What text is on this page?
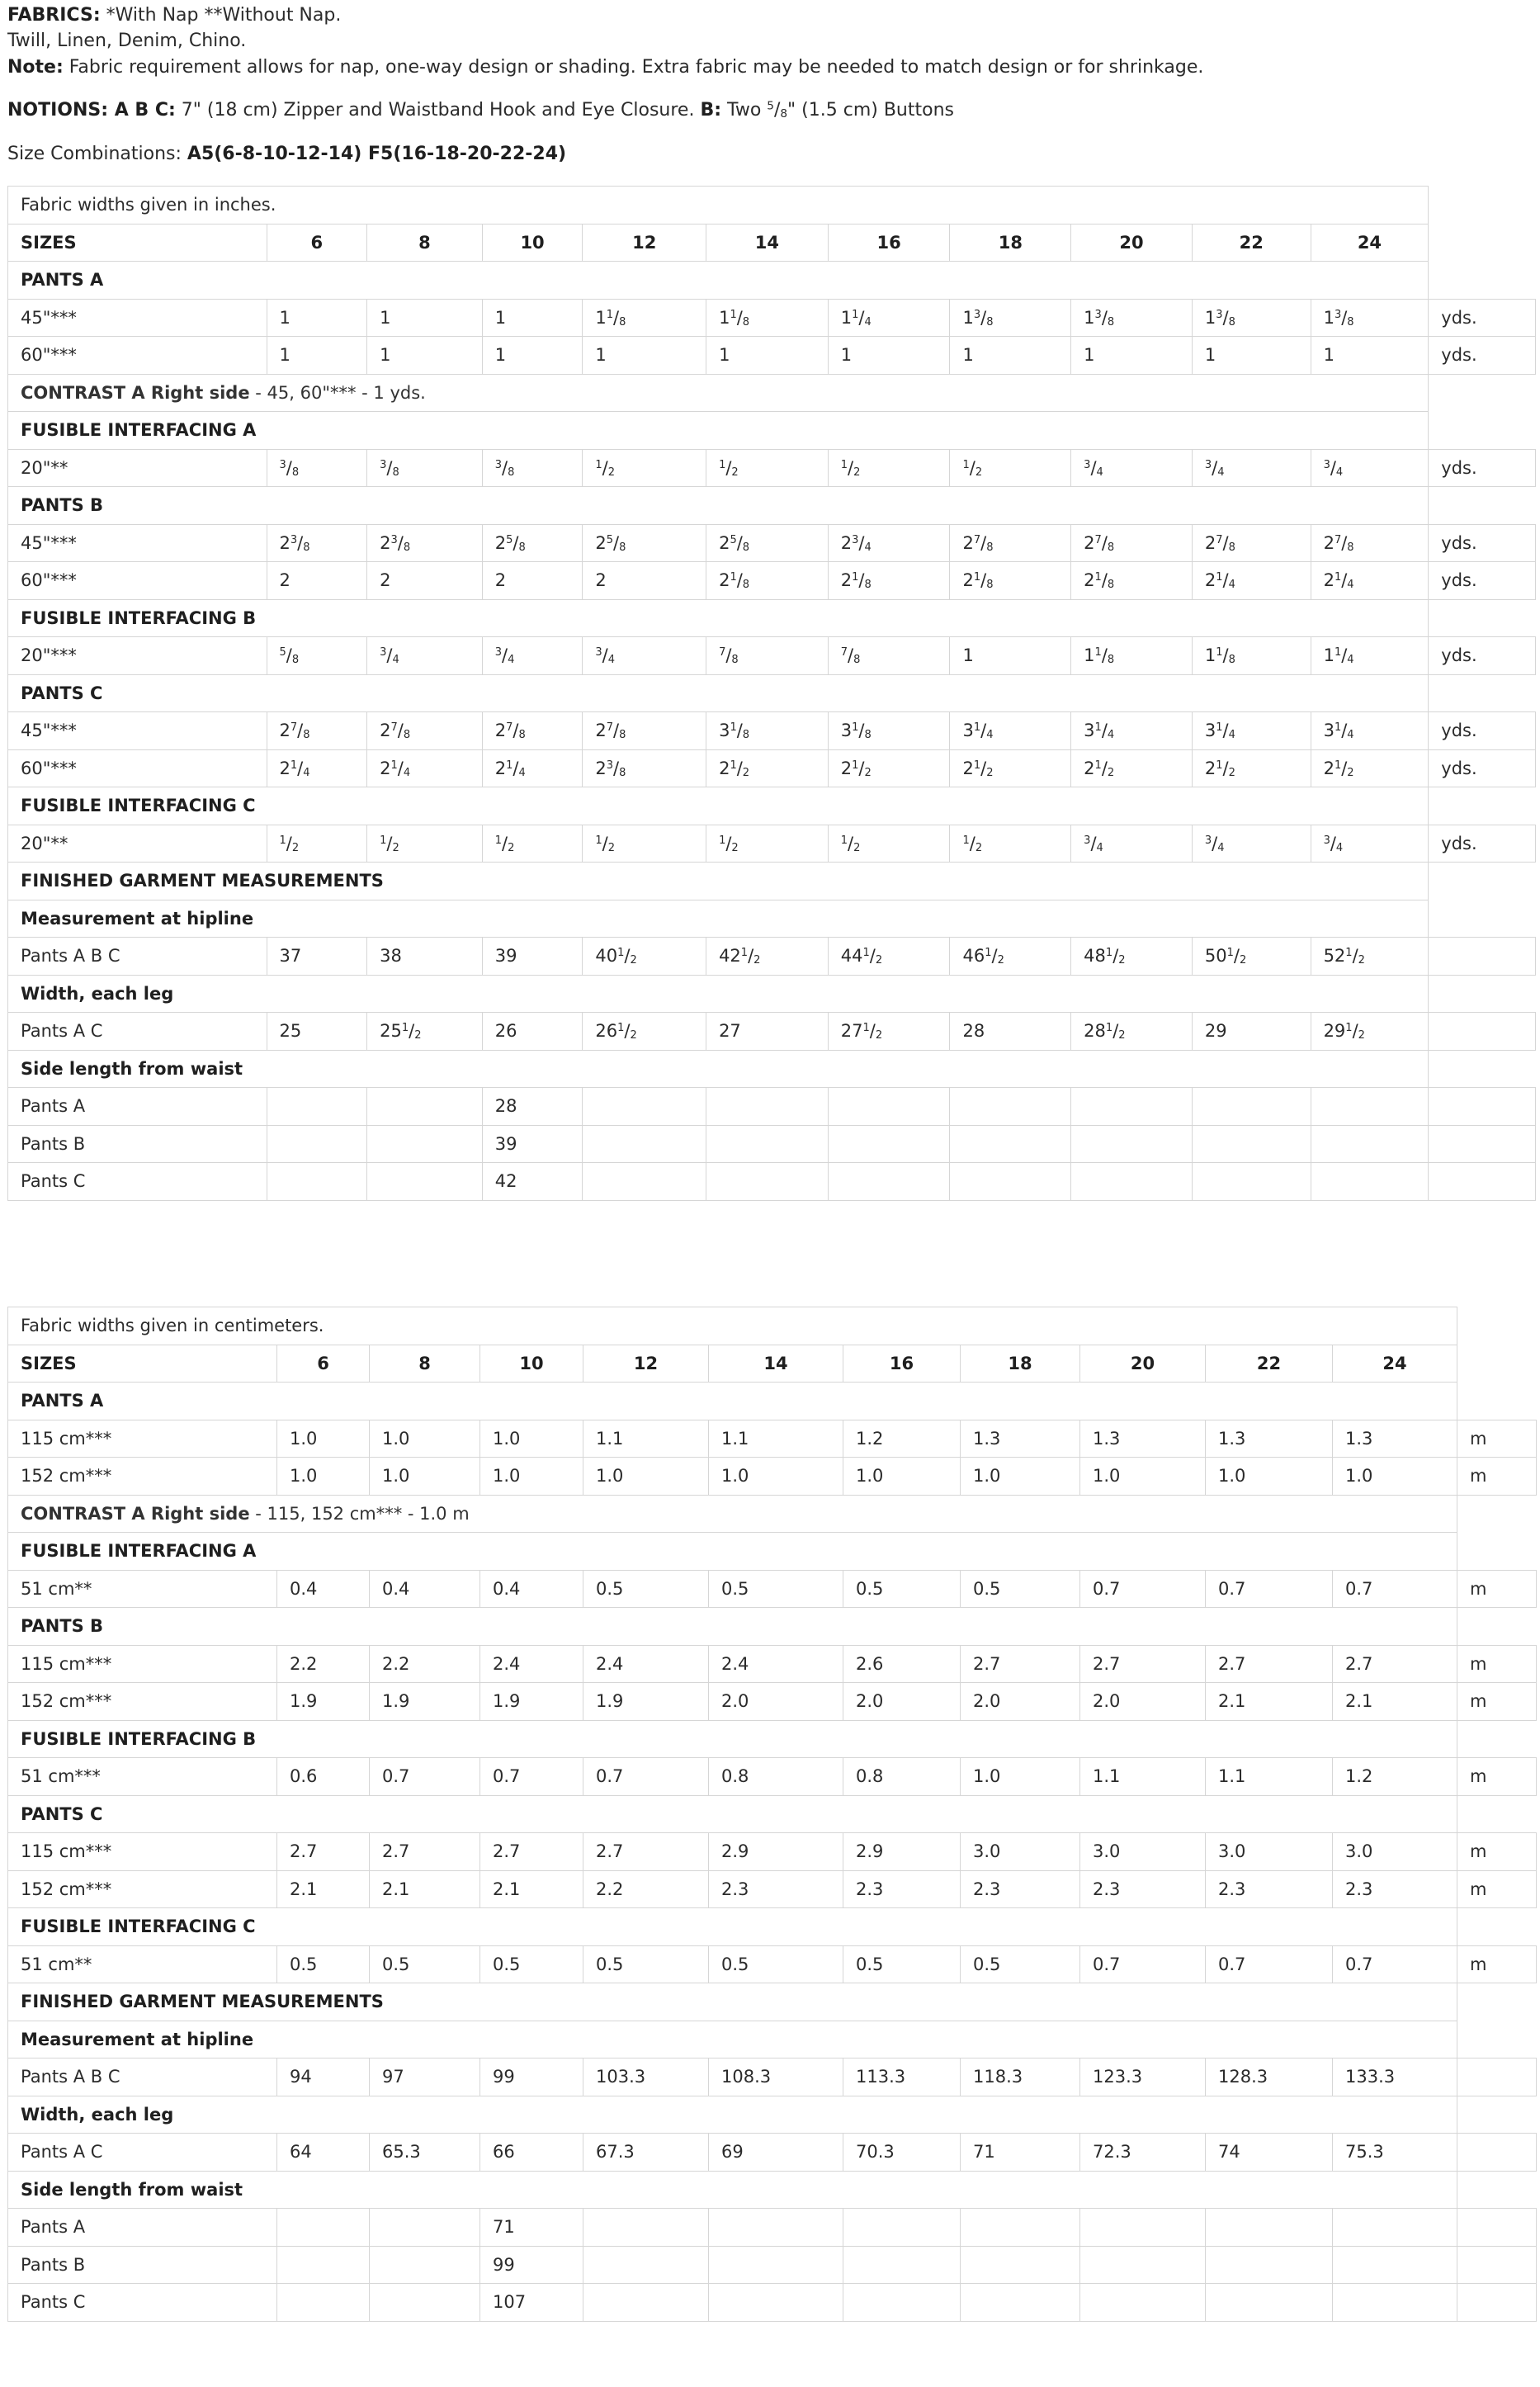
FABRICS: *With Nap **Without Nap.
Twill, Linen, Denim, Chino.
Note: Fabric requirement allows for nap, one-way design or shading. Extra fabric may be needed to match design or for shrinkage.
NOTIONS: A B C: 7" (18 cm) Zipper and Waistband Hook and Eye Closure. B: Two $^5/_8$" (1.5 cm) Buttons
Size Combinations: A5(6-8-10-12-14) F5(16-18-20-22-24)
Fabric widths given in inches.											
SIZES	6	8	10	12	14	16	18	20	22	24	
PANTS A											
45"***	1	1	1	$1^1/_8$	$1^1/_8$	$1^1/_4$	$1^3/_8$	$1^3/_8$	$1^3/_8$	$1^3/_8$	yds.
60"***	1	1	1	1	1	1	1	1	1	1	yds.
CONTRAST A Right side - 45, 60"*** - 1 yds.											
FUSIBLE INTERFACING A											
20"**	$^3/_8$	$^3/_8$	$^3/_8$	$^1/_2$	$^1/_2$	$^1/_2$	$^1/_2$	$^3/_4$	$^3/_4$	$^3/_4$	yds.
PANTS B											
45"***	$2^3/_8$	$2^3/_8$	$2^5/_8$	$2^5/_8$	$2^5/_8$	$2^3/_4$	$2^7/_8$	$2^7/_8$	$2^7/_8$	$2^7/_8$	yds.
60"***	2	2	2	2	$2^1/_8$	$2^1/_8$	$2^1/_8$	$2^1/_8$	$2^1/_4$	$2^1/_4$	yds.
FUSIBLE INTERFACING B											
20"***	$^5/_8$	$^3/_4$	$^3/_4$	$^3/_4$	$^7/_8$	$^7/_8$	1	$1^1/_8$	$1^1/_8$	$1^1/_4$	yds.
PANTS C											
45"***	$2^7/_8$	$2^7/_8$	$2^7/_8$	$2^7/_8$	$3^1/_8$	$3^1/_8$	$3^1/_4$	$3^1/_4$	$3^1/_4$	$3^1/_4$	yds.
60"***	$2^1/_4$	$2^1/_4$	$2^1/_4$	$2^3/_8$	$2^1/_2$	$2^1/_2$	$2^1/_2$	$2^1/_2$	$2^1/_2$	$2^1/_2$	yds.
FUSIBLE INTERFACING C											
20"**	$^1/_2$	$^1/_2$	$^1/_2$	$^1/_2$	$^1/_2$	$^1/_2$	$^1/_2$	$^3/_4$	$^3/_4$	$^3/_4$	yds.
FINISHED GARMENT MEASUREMENTS											
Measurement at hipline											
Pants A B C	37	38	39	$40^1/_2$	$42^1/_2$	$44^1/_2$	$46^1/_2$	$48^1/_2$	$50^1/_2$	$52^1/_2$	
Width, each leg											
Pants A C	25	$25^1/_2$	26	$26^1/_2$	27	$27^1/_2$	28	$28^1/_2$	29	$29^1/_2$	
Side length from waist											
Pants A			28								
Pants B			39								
Pants C			42								
Fabric widths given in centimeters.											
SIZES	6	8	10	12	14	16	18	20	22	24	
PANTS A											
115 cm***	1.0	1.0	1.0	1.1	1.1	1.2	1.3	1.3	1.3	1.3	m
152 cm***	1.0	1.0	1.0	1.0	1.0	1.0	1.0	1.0	1.0	1.0	m
CONTRAST A Right side - 115, 152 cm*** - 1.0 m											
FUSIBLE INTERFACING A											
51 cm**	0.4	0.4	0.4	0.5	0.5	0.5	0.5	0.7	0.7	0.7	m
PANTS B											
115 cm***	2.2	2.2	2.4	2.4	2.4	2.6	2.7	2.7	2.7	2.7	m
152 cm***	1.9	1.9	1.9	1.9	2.0	2.0	2.0	2.0	2.1	2.1	m
FUSIBLE INTERFACING B											
51 cm***	0.6	0.7	0.7	0.7	0.8	0.8	1.0	1.1	1.1	1.2	m
PANTS C											
115 cm***	2.7	2.7	2.7	2.7	2.9	2.9	3.0	3.0	3.0	3.0	m
152 cm***	2.1	2.1	2.1	2.2	2.3	2.3	2.3	2.3	2.3	2.3	m
FUSIBLE INTERFACING C											
51 cm**	0.5	0.5	0.5	0.5	0.5	0.5	0.5	0.7	0.7	0.7	m
FINISHED GARMENT MEASUREMENTS											
Measurement at hipline											
Pants A B C	94	97	99	103.3	108.3	113.3	118.3	123.3	128.3	133.3	
Width, each leg											
Pants A C	64	65.3	66	67.3	69	70.3	71	72.3	74	75.3	
Side length from waist											
Pants A			71								
Pants B			99								
Pants C			107								
